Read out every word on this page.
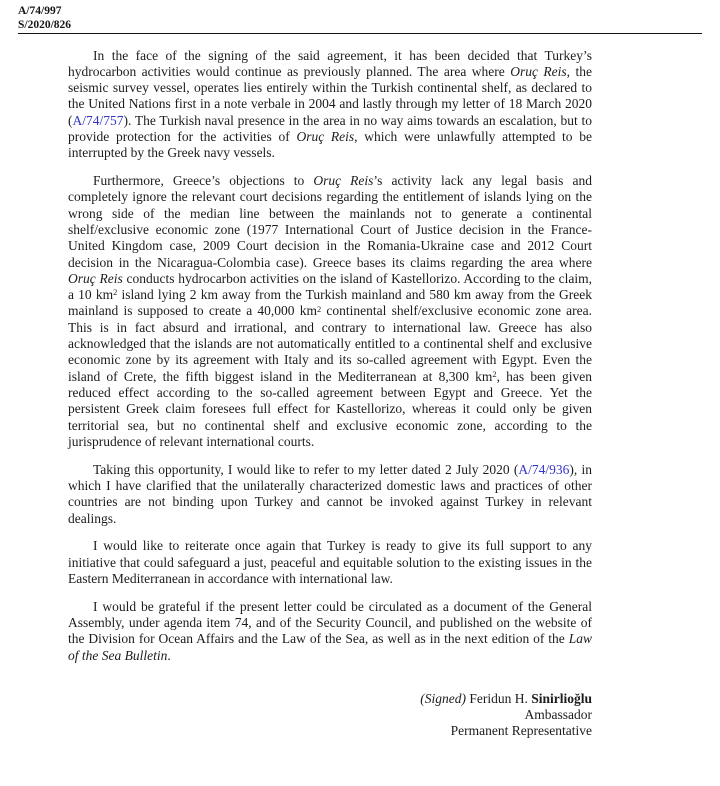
A/74/997
S/2020/826

In the face of the signing of the said agreement, it has been decided that Turkey’s hydrocarbon activities would continue as previously planned. The area where Oruç Reis, the seismic survey vessel, operates lies entirely within the Turkish continental shelf, as declared to the United Nations first in a note verbale in 2004 and lastly through my letter of 18 March 2020 (A/74/757). The Turkish naval presence in the area in no way aims towards an escalation, but to provide protection for the activities of Oruç Reis, which were unlawfully attempted to be interrupted by the Greek navy vessels.

Furthermore, Greece’s objections to Oruç Reis’s activity lack any legal basis and completely ignore the relevant court decisions regarding the entitlement of islands lying on the wrong side of the median line between the mainlands not to generate a continental shelf/exclusive economic zone (1977 International Court of Justice decision in the France-United Kingdom case, 2009 Court decision in the Romania-Ukraine case and 2012 Court decision in the Nicaragua-Colombia case). Greece bases its claims regarding the area where Oruç Reis conducts hydrocarbon activities on the island of Kastellorizo. According to the claim, a 10 $km^2$ island lying 2 km away from the Turkish mainland and 580 km away from the Greek mainland is supposed to create a 40,000 $km^2$ continental shelf/exclusive economic zone area. This is in fact absurd and irrational, and contrary to international law. Greece has also acknowledged that the islands are not automatically entitled to a continental shelf and exclusive economic zone by its agreement with Italy and its so-called agreement with Egypt. Even the island of Crete, the fifth biggest island in the Mediterranean at 8,300 $km^2$, has been given reduced effect according to the so-called agreement between Egypt and Greece. Yet the persistent Greek claim foresees full effect for Kastellorizo, whereas it could only be given territorial sea, but no continental shelf and exclusive economic zone, according to the jurisprudence of relevant international courts.

Taking this opportunity, I would like to refer to my letter dated 2 July 2020 (A/74/936), in which I have clarified that the unilaterally characterized domestic laws and practices of other countries are not binding upon Turkey and cannot be invoked against Turkey in relevant dealings.

I would like to reiterate once again that Turkey is ready to give its full support to any initiative that could safeguard a just, peaceful and equitable solution to the existing issues in the Eastern Mediterranean in accordance with international law.

I would be grateful if the present letter could be circulated as a document of the General Assembly, under agenda item 74, and of the Security Council, and published on the website of the Division for Ocean Affairs and the Law of the Sea, as well as in the next edition of the Law of the Sea Bulletin.

(Signed) Feridun H. Sinirlioğlu
Ambassador
Permanent Representative
